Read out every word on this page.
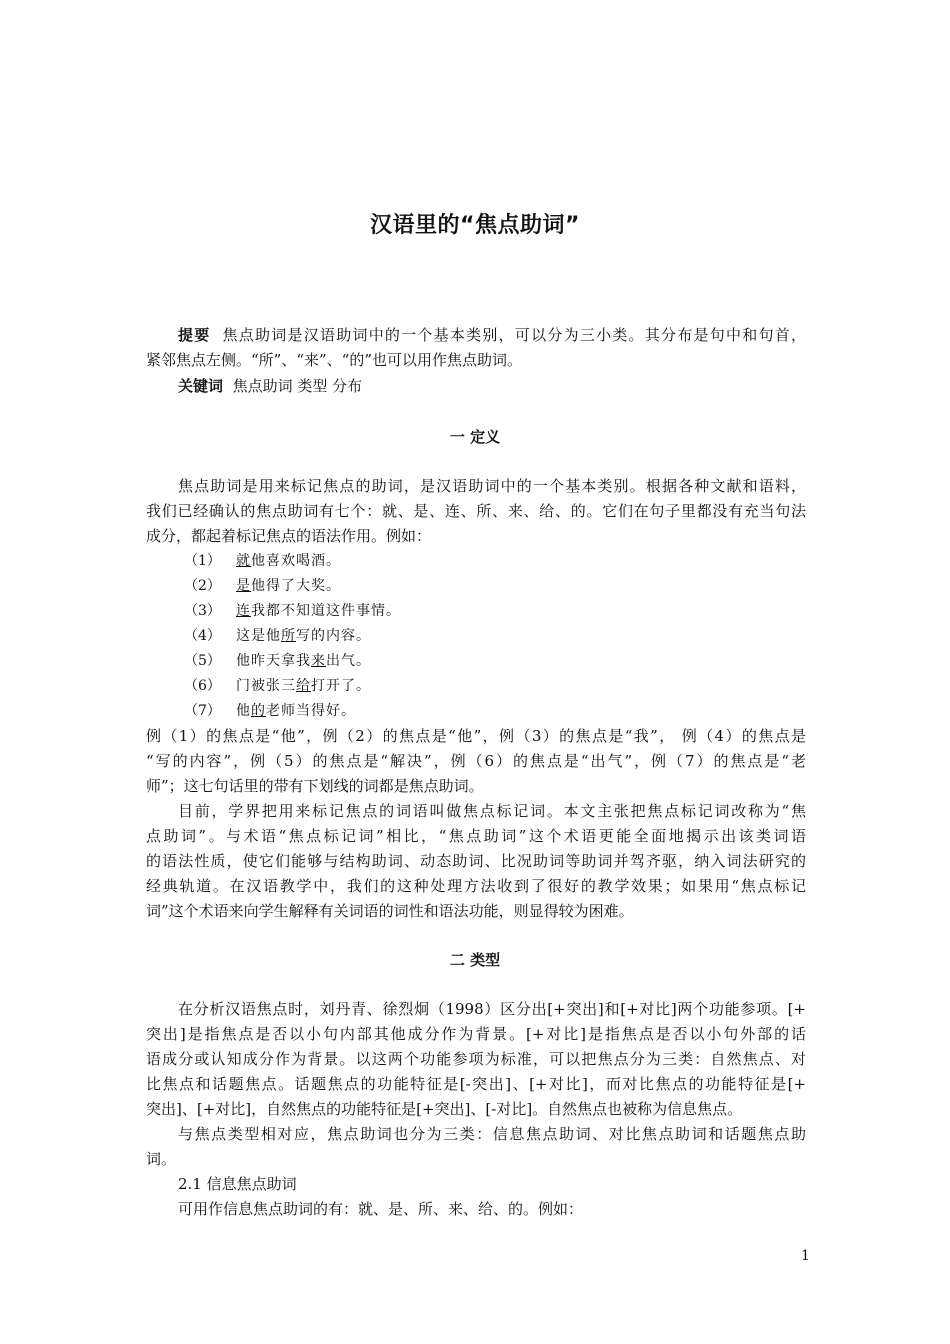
汉语里的“焦点助词”
提要 焦点助词是汉语助词中的一个基本类别，可以分为三小类。其分布是句中和句首，
紧邻焦点左侧。“所”、“来”、“的”也可以用作焦点助词。
关键词 焦点助词 类型 分布
一 定义
焦点助词是用来标记焦点的助词，是汉语助词中的一个基本类别。根据各种文献和语料，
我们已经确认的焦点助词有七个：就、是、连、所、来、给、的。它们在句子里都没有充当句法
成分，都起着标记焦点的语法作用。例如：
（1） 就他喜欢喝酒。
（2） 是他得了大奖。
（3） 连我都不知道这件事情。
（4） 这是他所写的内容。
（5） 他昨天拿我来出气。
（6） 门被张三给打开了。
（7） 他的老师当得好。
例（1）的焦点是“他”，例（2）的焦点是“他”，例（3）的焦点是“我”， 例（4）的焦点是
“写的内容”，例（5）的焦点是“解决”，例（6）的焦点是“出气”，例（7）的焦点是“老
师”；这七句话里的带有下划线的词都是焦点助词。
目前，学界把用来标记焦点的词语叫做焦点标记词。本文主张把焦点标记词改称为“焦
点助词”。与术语“焦点标记词”相比，“焦点助词”这个术语更能全面地揭示出该类词语
的语法性质，使它们能够与结构助词、动态助词、比况助词等助词并驾齐驱，纳入词法研究的
经典轨道。在汉语教学中，我们的这种处理方法收到了很好的教学效果；如果用“焦点标记
词”这个术语来向学生解释有关词语的词性和语法功能，则显得较为困难。
二 类型
在分析汉语焦点时，刘丹青、徐烈炯（1998）区分出[+突出]和[+对比]两个功能参项。[+
突出]是指焦点是否以小句内部其他成分作为背景。[+对比]是指焦点是否以小句外部的话
语成分或认知成分作为背景。以这两个功能参项为标准，可以把焦点分为三类：自然焦点、对
比焦点和话题焦点。话题焦点的功能特征是[-突出]、[+对比]，而对比焦点的功能特征是[+
突出]、[+对比]，自然焦点的功能特征是[+突出]、[-对比]。自然焦点也被称为信息焦点。
与焦点类型相对应，焦点助词也分为三类：信息焦点助词、对比焦点助词和话题焦点助
词。
2.1 信息焦点助词
可用作信息焦点助词的有：就、是、所、来、给、的。例如：
1
